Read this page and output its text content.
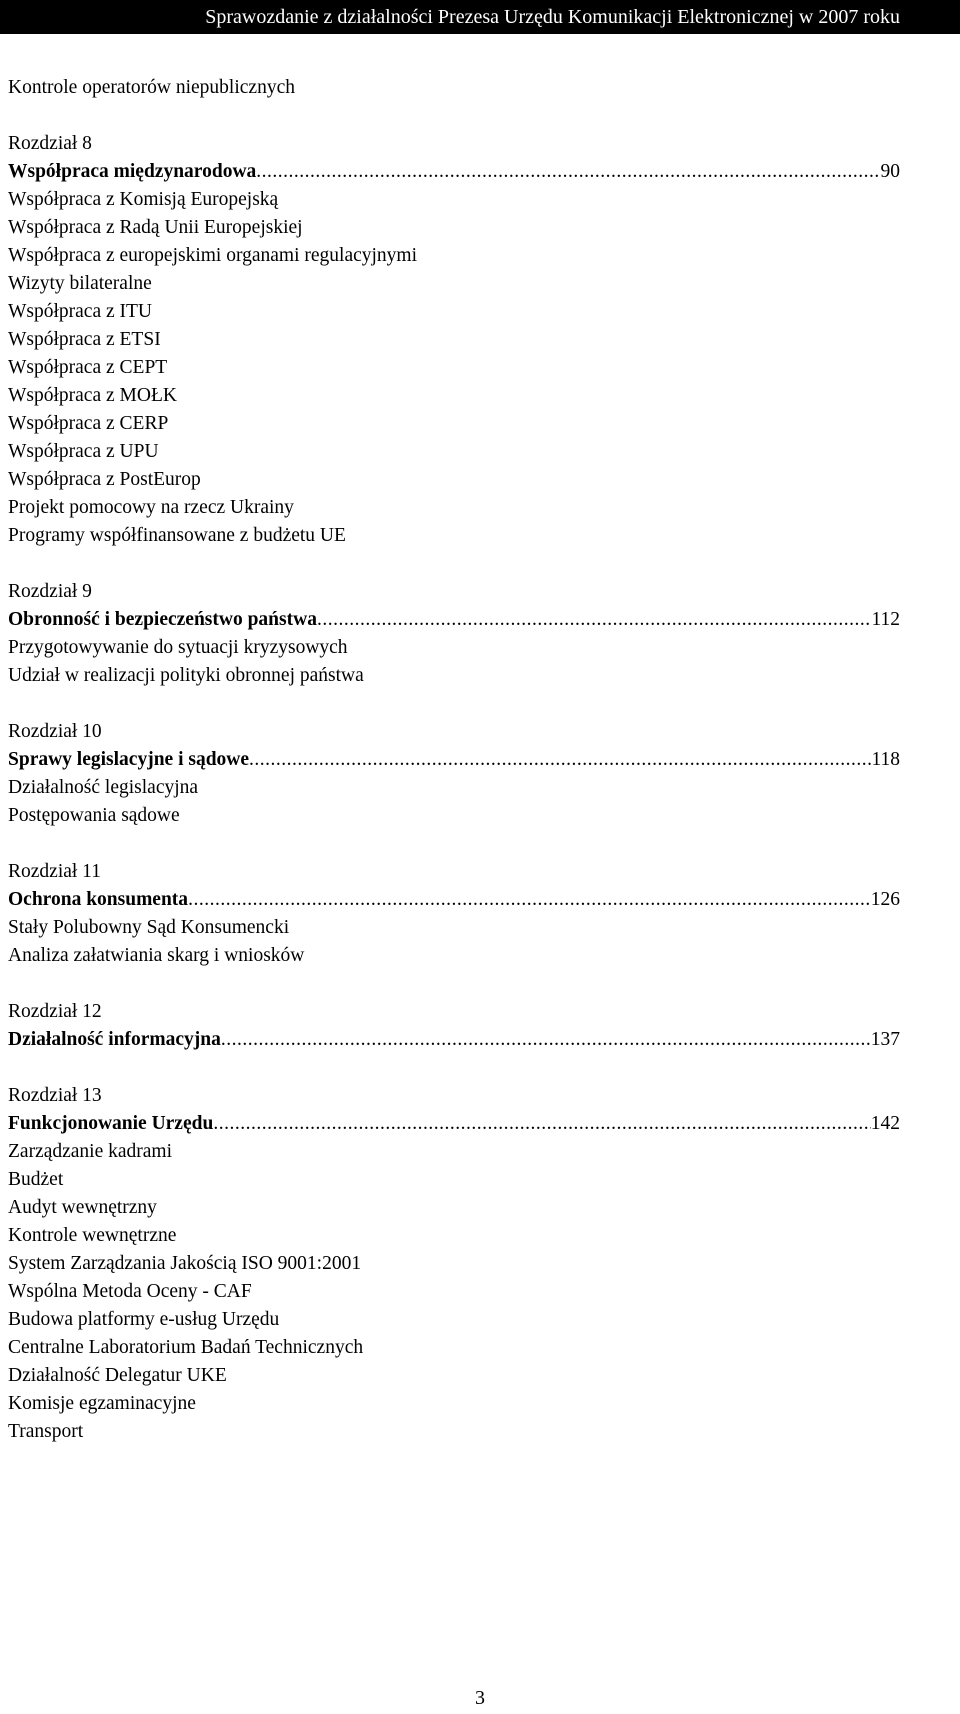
Sprawozdanie z działalności Prezesa Urzędu Komunikacji Elektronicznej w 2007 roku
Kontrole operatorów niepublicznych
Rozdział 8
Współpraca międzynarodowa .....	90
Współpraca z Komisją Europejską
Współpraca z Radą Unii Europejskiej
Współpraca z europejskimi organami regulacyjnymi
Wizyty bilateralne
Współpraca z ITU
Współpraca z ETSI
Współpraca z CEPT
Współpraca z MOŁK
Współpraca z CERP
Współpraca z UPU
Współpraca z PostEurop
Projekt pomocowy na rzecz Ukrainy
Programy współfinansowane z budżetu UE
Rozdział 9
Obronność i bezpieczeństwo państwa .....	112
Przygotowywanie do sytuacji kryzysowych
Udział w realizacji polityki obronnej państwa
Rozdział 10
Sprawy legislacyjne i sądowe .....	118
Działalność legislacyjna
Postępowania sądowe
Rozdział 11
Ochrona konsumenta .....	126
Stały Polubowny Sąd Konsumencki
Analiza załatwiania skarg i wniosków
Rozdział 12
Działalność informacyjna .....	137
Rozdział 13
Funkcjonowanie Urzędu .....	142
Zarządzanie kadrami
Budżet
Audyt wewnętrzny
Kontrole wewnętrzne
System Zarządzania Jakością ISO 9001:2001
Wspólna Metoda Oceny - CAF
Budowa platformy e-usług Urzędu
Centralne Laboratorium Badań Technicznych
Działalność Delegatur UKE
Komisje egzaminacyjne
Transport
3
